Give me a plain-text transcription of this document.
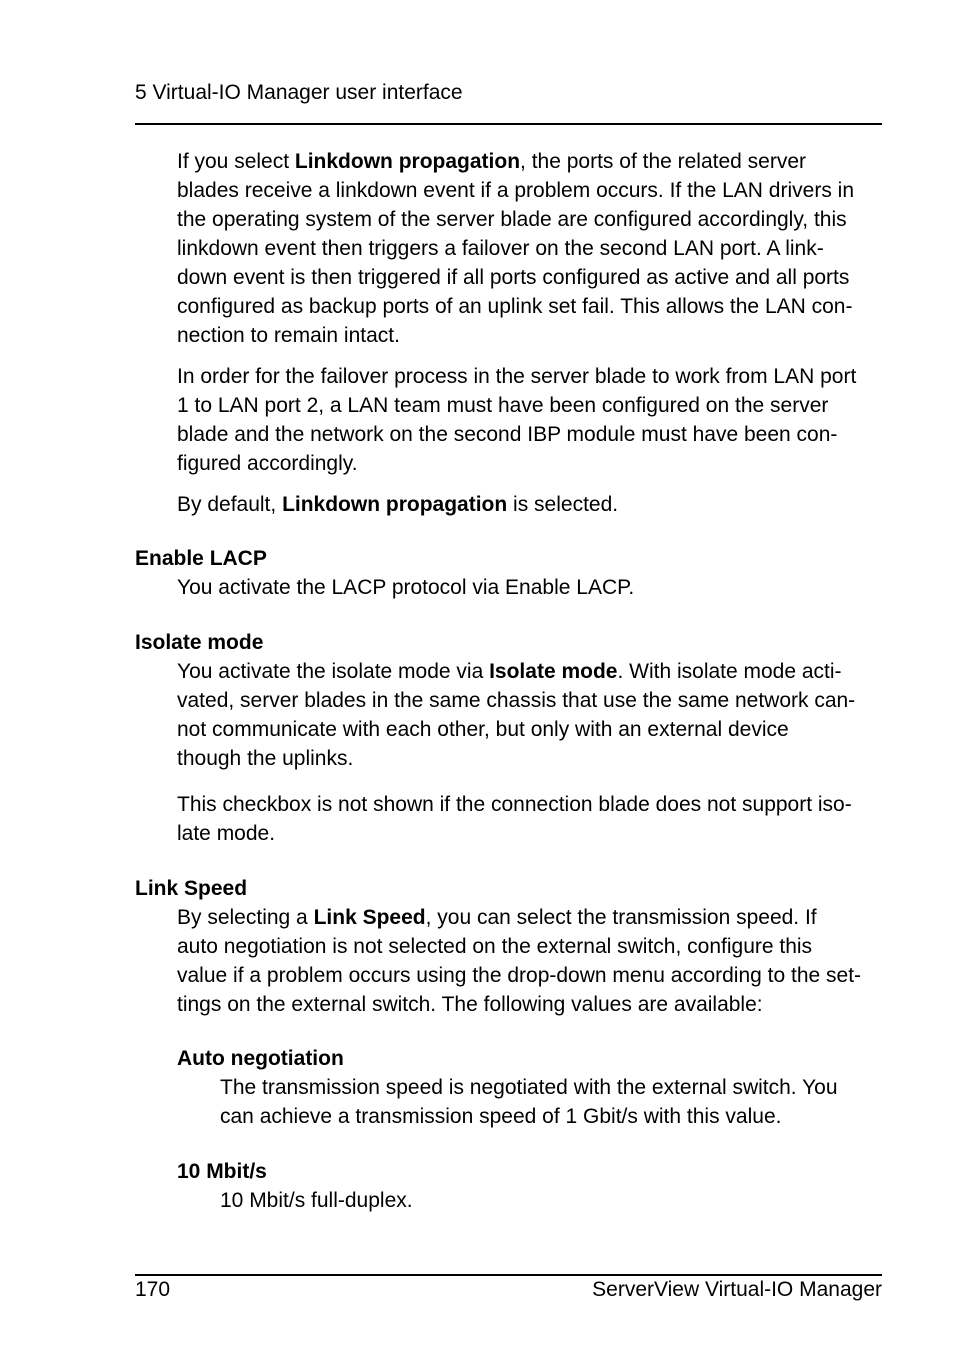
5 Virtual-IO Manager user interface
If you select Linkdown propagation, the ports of the related server
blades receive a linkdown event if a problem occurs. If the LAN drivers in
the operating system of the server blade are configured accordingly, this
linkdown event then triggers a failover on the second LAN port. A link-
down event is then triggered if all ports configured as active and all ports
configured as backup ports of an uplink set fail. This allows the LAN con-
nection to remain intact.
In order for the failover process in the server blade to work from LAN port
1 to LAN port 2, a LAN team must have been configured on the server
blade and the network on the second IBP module must have been con-
figured accordingly.
By default, Linkdown propagation is selected.
Enable LACP
You activate the LACP protocol via Enable LACP.
Isolate mode
You activate the isolate mode via Isolate mode. With isolate mode acti-
vated, server blades in the same chassis that use the same network can-
not communicate with each other, but only with an external device
though the uplinks.
This checkbox is not shown if the connection blade does not support iso-
late mode.
Link Speed
By selecting a Link Speed, you can select the transmission speed. If
auto negotiation is not selected on the external switch, configure this
value if a problem occurs using the drop-down menu according to the set-
tings on the external switch. The following values are available:
Auto negotiation
The transmission speed is negotiated with the external switch. You
can achieve a transmission speed of 1 Gbit/s with this value.
10 Mbit/s
10 Mbit/s full-duplex.
170	ServerView Virtual-IO Manager
